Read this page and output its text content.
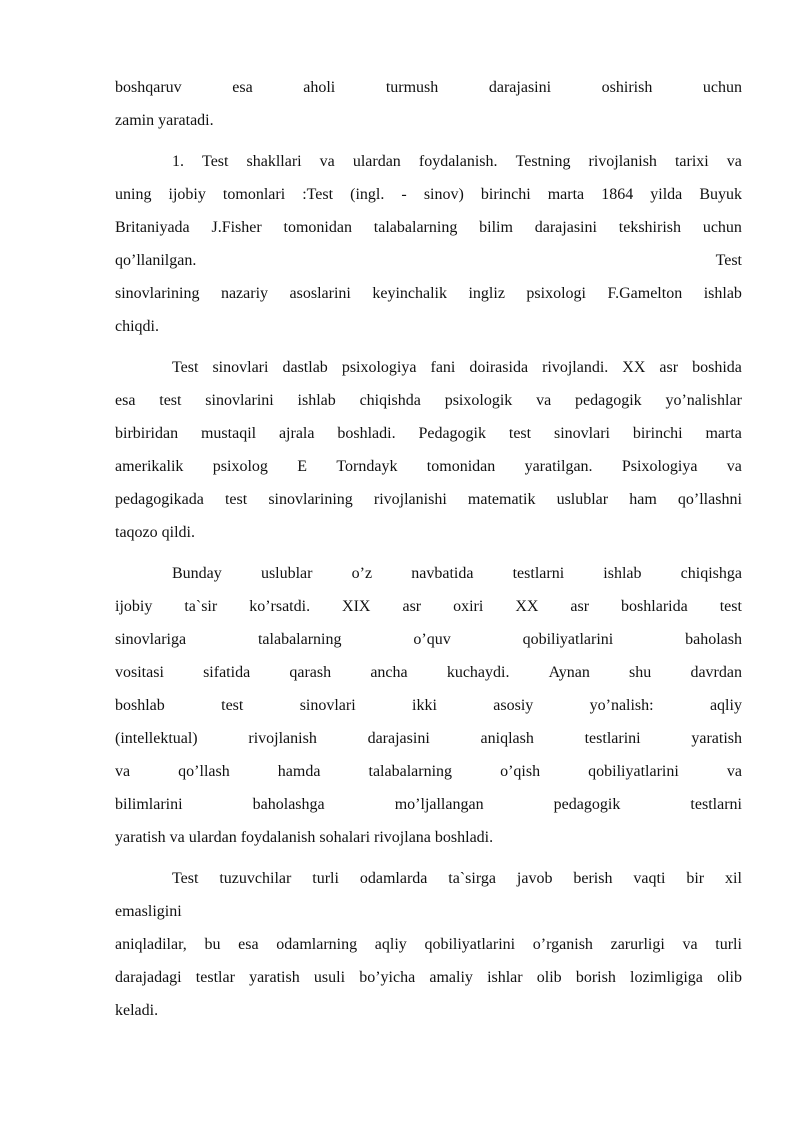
boshqaruv	esa	aholi	turmush	darajasini	oshirish	uchun
zamin yaratadi.
1. Test shakllari va ulardan foydalanish. Testning rivojlanish tarixi va
uning ijobiy tomonlari :Test (ingl. - sinov) birinchi marta 1864 yilda Buyuk
Britaniyada J.Fisher tomonidan talabalarning bilim darajasini tekshirish uchun
qo’llanilgan.	Test
sinovlarining nazariy asoslarini keyinchalik ingliz psixologi F.Gamelton ishlab
chiqdi.
Test sinovlari dastlab psixologiya fani doirasida rivojlandi. XX asr boshida
esa test sinovlarini ishlab chiqishda psixologik va pedagogik yo’nalishlar
birbiridan mustaqil ajrala boshladi. Pedagogik test sinovlari birinchi marta
amerikalik psixolog E Torndayk tomonidan yaratilgan. Psixologiya va
pedagogikada test sinovlarining rivojlanishi matematik uslublar ham qo’llashni
taqozo qildi.
Bunday uslublar o’z navbatida testlarni ishlab chiqishga
ijobiy ta`sir ko’rsatdi. XIX asr oxiri XX asr boshlarida test
sinovlariga	talabalarning	o’quv	qobiliyatlarini	baholash
vositasi sifatida qarash ancha kuchaydi. Aynan shu davrdan
boshlab	test	sinovlari	ikki	asosiy	yo’nalish:	aqliy
(intellektual)	rivojlanish	darajasini	aniqlash	testlarini	yaratish
va	qo’llash	hamda	talabalarning	o’qish	qobiliyatlarini	va
bilimlarini	baholashga	mo’ljallangan	pedagogik	testlarni
yaratish va ulardan foydalanish sohalari rivojlana boshladi.
Test tuzuvchilar turli odamlarda ta`sirga javob berish vaqti bir xil
emasligini
aniqladilar, bu esa odamlarning aqliy qobiliyatlarini o’rganish zarurligi va turli
darajadagi testlar yaratish usuli bo’yicha amaliy ishlar olib borish lozimligiga olib
keladi.
